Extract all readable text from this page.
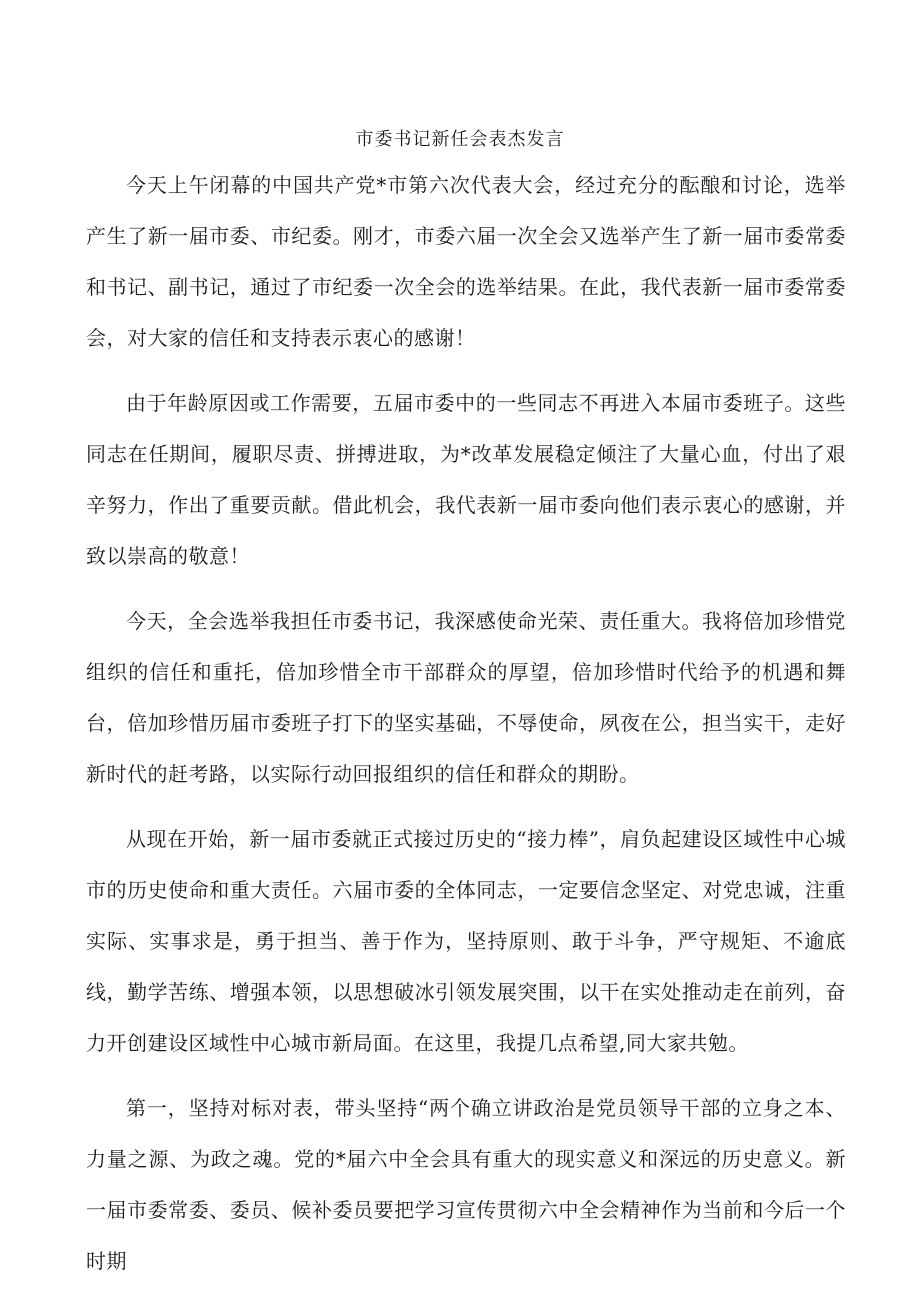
市委书记新任会表杰发言

今天上午闭幕的中国共产党*市第六次代表大会，经过充分的酝酿和讨论，选举产生了新一届市委、市纪委。刚才，市委六届一次全会又选举产生了新一届市委常委和书记、副书记，通过了市纪委一次全会的选举结果。在此，我代表新一届市委常委会，对大家的信任和支持表示衷心的感谢！

由于年龄原因或工作需要，五届市委中的一些同志不再进入本届市委班子。这些同志在任期间，履职尽责、拼搏进取，为*改革发展稳定倾注了大量心血，付出了艰辛努力，作出了重要贡献。借此机会，我代表新一届市委向他们表示衷心的感谢，并致以崇高的敬意！

今天，全会选举我担任市委书记，我深感使命光荣、责任重大。我将倍加珍惜党组织的信任和重托，倍加珍惜全市干部群众的厚望，倍加珍惜时代给予的机遇和舞台，倍加珍惜历届市委班子打下的坚实基础，不辱使命，夙夜在公，担当实干，走好新时代的赶考路，以实际行动回报组织的信任和群众的期盼。

从现在开始，新一届市委就正式接过历史的“接力棒”，肩负起建设区域性中心城市的历史使命和重大责任。六届市委的全体同志，一定要信念坚定、对党忠诚，注重实际、实事求是，勇于担当、善于作为，坚持原则、敢于斗争，严守规矩、不逾底线，勤学苦练、增强本领，以思想破冰引领发展突围，以干在实处推动走在前列，奋力开创建设区域性中心城市新局面。在这里，我提几点希望,同大家共勉。

第一，坚持对标对表，带头坚持“两个确立讲政治是党员领导干部的立身之本、力量之源、为政之魂。党的*届六中全会具有重大的现实意义和深远的历史意义。新一届市委常委、委员、候补委员要把学习宣传贯彻六中全会精神作为当前和今后一个时期
